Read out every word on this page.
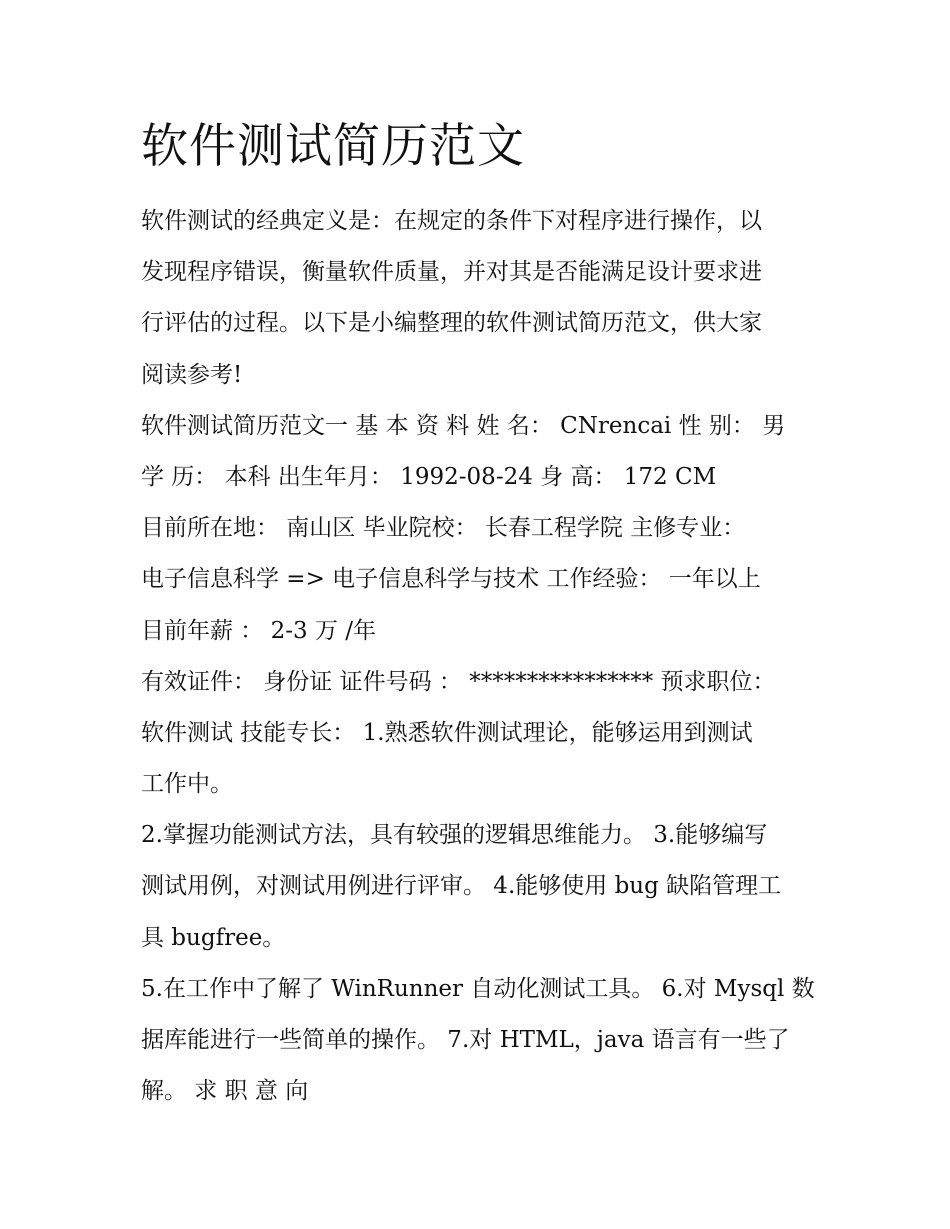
软件测试简历范文
软件测试的经典定义是：在规定的条件下对程序进行操作，以
发现程序错误，衡量软件质量，并对其是否能满足设计要求进
行评估的过程。以下是小编整理的软件测试简历范文，供大家
阅读参考!
软件测试简历范文一 基 本 资 料 姓 名： CNrencai 性 别： 男
学 历： 本科 出生年月： 1992-08-24 身 高： 172 CM
目前所在地： 南山区 毕业院校： 长春工程学院 主修专业：
电子信息科学 => 电子信息科学与技术 工作经验： 一年以上
目前年薪 ： 2-3 万 /年
有效证件： 身份证 证件号码 ： **************** 预求职位：
软件测试 技能专长： 1.熟悉软件测试理论，能够运用到测试
工作中。
2.掌握功能测试方法，具有较强的逻辑思维能力。 3.能够编写
测试用例，对测试用例进行评审。 4.能够使用 bug 缺陷管理工
具 bugfree。
5.在工作中了解了 WinRunner 自动化测试工具。 6.对 Mysql 数
据库能进行一些简单的操作。 7.对 HTML，java 语言有一些了
解。 求 职 意 向
